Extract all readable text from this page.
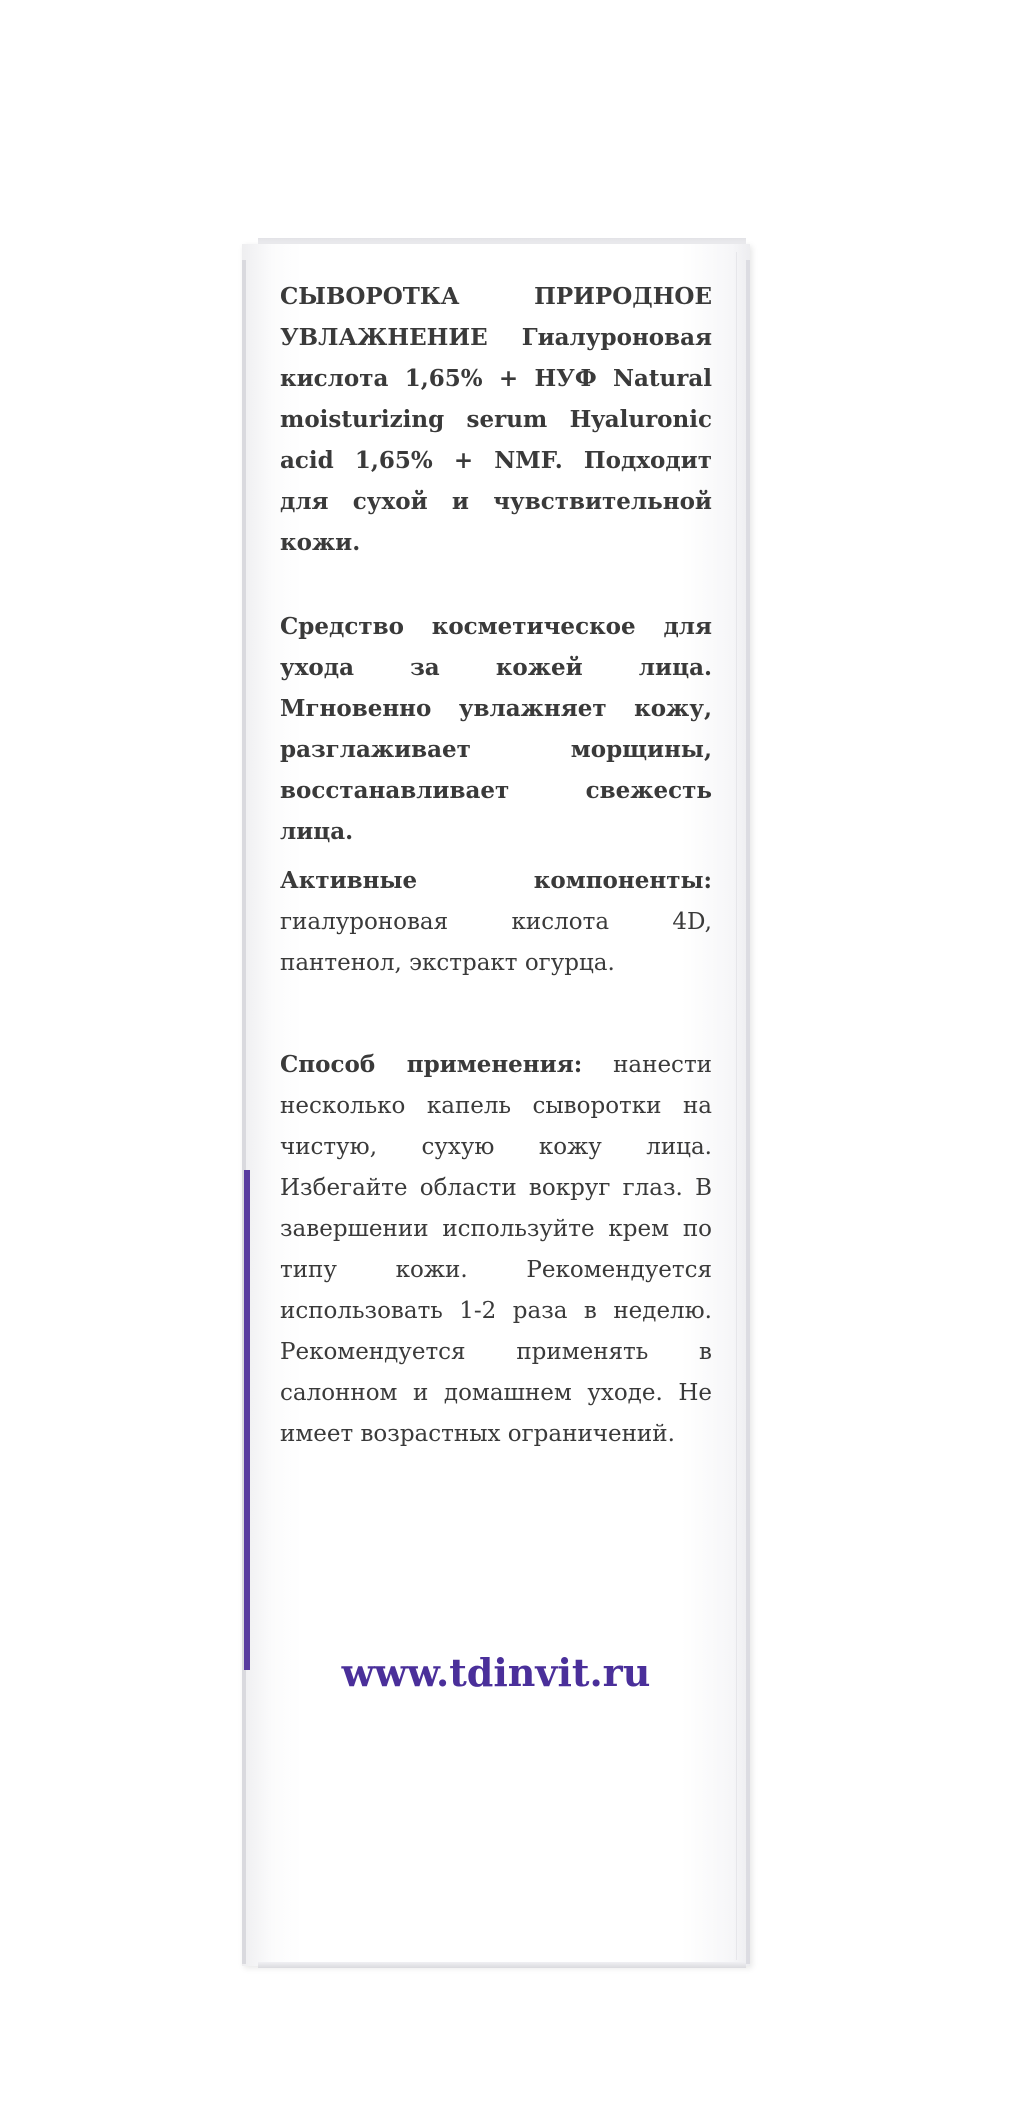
СЫВОРОТКА ПРИРОДНОЕ УВЛАЖНЕНИЕ Гиалуроновая кислота 1,65% + НУФ Natural moisturizing serum Hyaluronic acid 1,65% + NMF. Подходит для сухой и чувствительной кожи.
Средство косметическое для ухода за кожей лица. Мгновенно увлажняет кожу, разглаживает морщины, восстанавливает свежесть лица.
Активные компоненты: гиалуроновая кислота 4D, пантенол, экстракт огурца.
Способ применения: нанести несколько капель сыворотки на чистую, сухую кожу лица. Избегайте области вокруг глаз. В завершении используйте крем по типу кожи. Рекомендуется использовать 1-2 раза в неделю. Рекомендуется применять в салонном и домашнем уходе. Не имеет возрастных ограничений.
www.tdinvit.ru
